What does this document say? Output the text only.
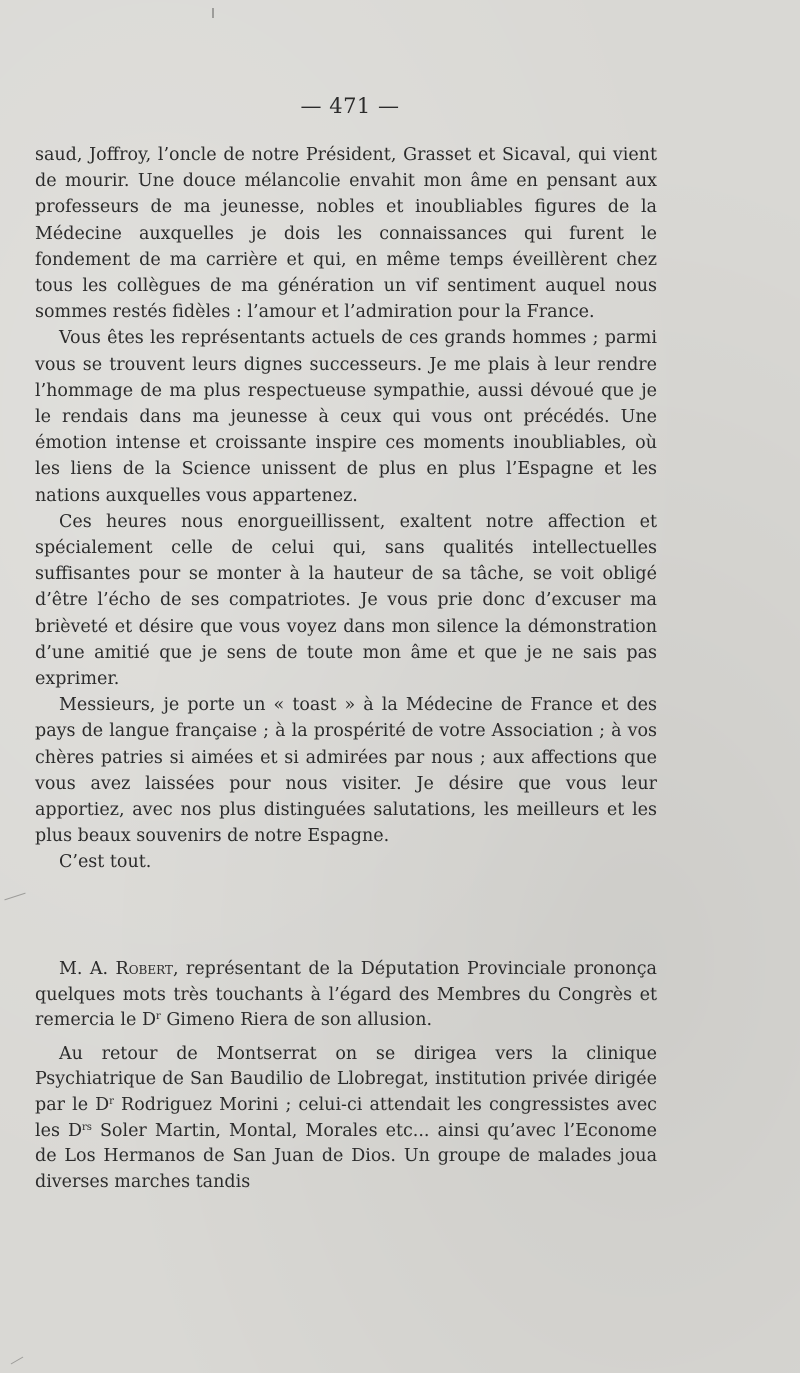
— 471 —

saud, Joffroy, l’oncle de notre Président, Grasset et Sicaval, qui vient de mourir. Une douce mélancolie envahit mon âme en pensant aux professeurs de ma jeunesse, nobles et inoubliables figures de la Médecine auxquelles je dois les connaissances qui furent le fondement de ma carrière et qui, en même temps éveillèrent chez tous les collègues de ma génération un vif sentiment auquel nous sommes restés fidèles : l’amour et l’admiration pour la France.

Vous êtes les représentants actuels de ces grands hommes ; parmi vous se trouvent leurs dignes successeurs. Je me plais à leur rendre l’hommage de ma plus respectueuse sympathie, aussi dévoué que je le rendais dans ma jeunesse à ceux qui vous ont précédés. Une émotion intense et croissante inspire ces moments inoubliables, où les liens de la Science unissent de plus en plus l’Espagne et les nations auxquelles vous appartenez.

Ces heures nous enorgueillissent, exaltent notre affection et spécialement celle de celui qui, sans qualités intellectuelles suffisantes pour se monter à la hauteur de sa tâche, se voit obligé d’être l’écho de ses compatriotes. Je vous prie donc d’excuser ma brièveté et désire que vous voyez dans mon silence la démonstration d’une amitié que je sens de toute mon âme et que je ne sais pas exprimer.

Messieurs, je porte un « toast » à la Médecine de France et des pays de langue française ; à la prospérité de votre Association ; à vos chères patries si aimées et si admirées par nous ; aux affections que vous avez laissées pour nous visiter. Je désire que vous leur apportiez, avec nos plus distinguées salutations, les meilleurs et les plus beaux souvenirs de notre Espagne.

C’est tout.

M. A. Robert, représentant de la Députation Provinciale prononça quelques mots très touchants à l’égard des Membres du Congrès et remercia le $D^r$ Gimeno Riera de son allusion.

Au retour de Montserrat on se dirigea vers la clinique Psychiatrique de San Baudilio de Llobregat, institution privée dirigée par le $D^r$ Rodriguez Morini ; celui-ci attendait les congressistes avec les $D^{rs}$ Soler Martin, Montal, Morales etc... ainsi qu’avec l’Econome de Los Hermanos de San Juan de Dios. Un groupe de malades joua diverses marches tandis
